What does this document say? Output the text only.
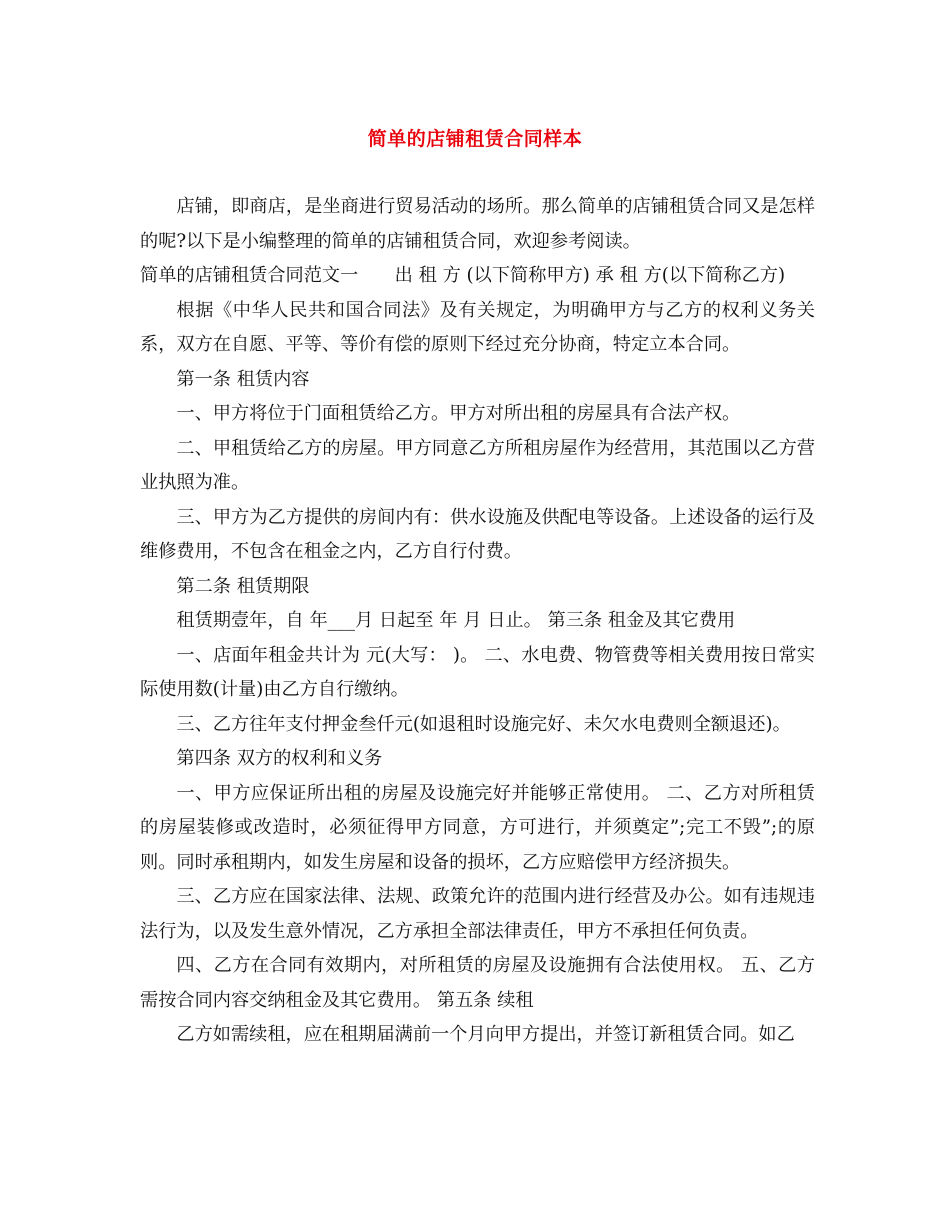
简单的店铺租赁合同样本

店铺，即商店，是坐商进行贸易活动的场所。那么简单的店铺租赁合同又是怎样的呢?以下是小编整理的简单的店铺租赁合同，欢迎参考阅读。

简单的店铺租赁合同范文一　　出 租 方 (以下简称甲方) 承 租 方(以下简称乙方)

根据《中华人民共和国合同法》及有关规定，为明确甲方与乙方的权利义务关系，双方在自愿、平等、等价有偿的原则下经过充分协商，特定立本合同。

第一条 租赁内容

一、甲方将位于门面租赁给乙方。甲方对所出租的房屋具有合法产权。

二、甲租赁给乙方的房屋。甲方同意乙方所租房屋作为经营用，其范围以乙方营业执照为准。

三、甲方为乙方提供的房间内有：供水设施及供配电等设备。上述设备的运行及维修费用，不包含在租金之内，乙方自行付费。

第二条 租赁期限

租赁期壹年，自 年___月 日起至 年 月 日止。 第三条 租金及其它费用

一、店面年租金共计为 元(大写： )。 二、水电费、物管费等相关费用按日常实际使用数(计量)由乙方自行缴纳。

三、乙方往年支付押金叁仟元(如退租时设施完好、未欠水电费则全额退还)。

第四条 双方的权利和义务

一、甲方应保证所出租的房屋及设施完好并能够正常使用。 二、乙方对所租赁的房屋装修或改造时，必须征得甲方同意，方可进行，并须奠定”;完工不毁”;的原则。同时承租期内，如发生房屋和设备的损坏，乙方应赔偿甲方经济损失。

三、乙方应在国家法律、法规、政策允许的范围内进行经营及办公。如有违规违法行为，以及发生意外情况，乙方承担全部法律责任，甲方不承担任何负责。

四、乙方在合同有效期内，对所租赁的房屋及设施拥有合法使用权。 五、乙方需按合同内容交纳租金及其它费用。 第五条 续租

乙方如需续租，应在租期届满前一个月向甲方提出，并签订新租赁合同。如乙
